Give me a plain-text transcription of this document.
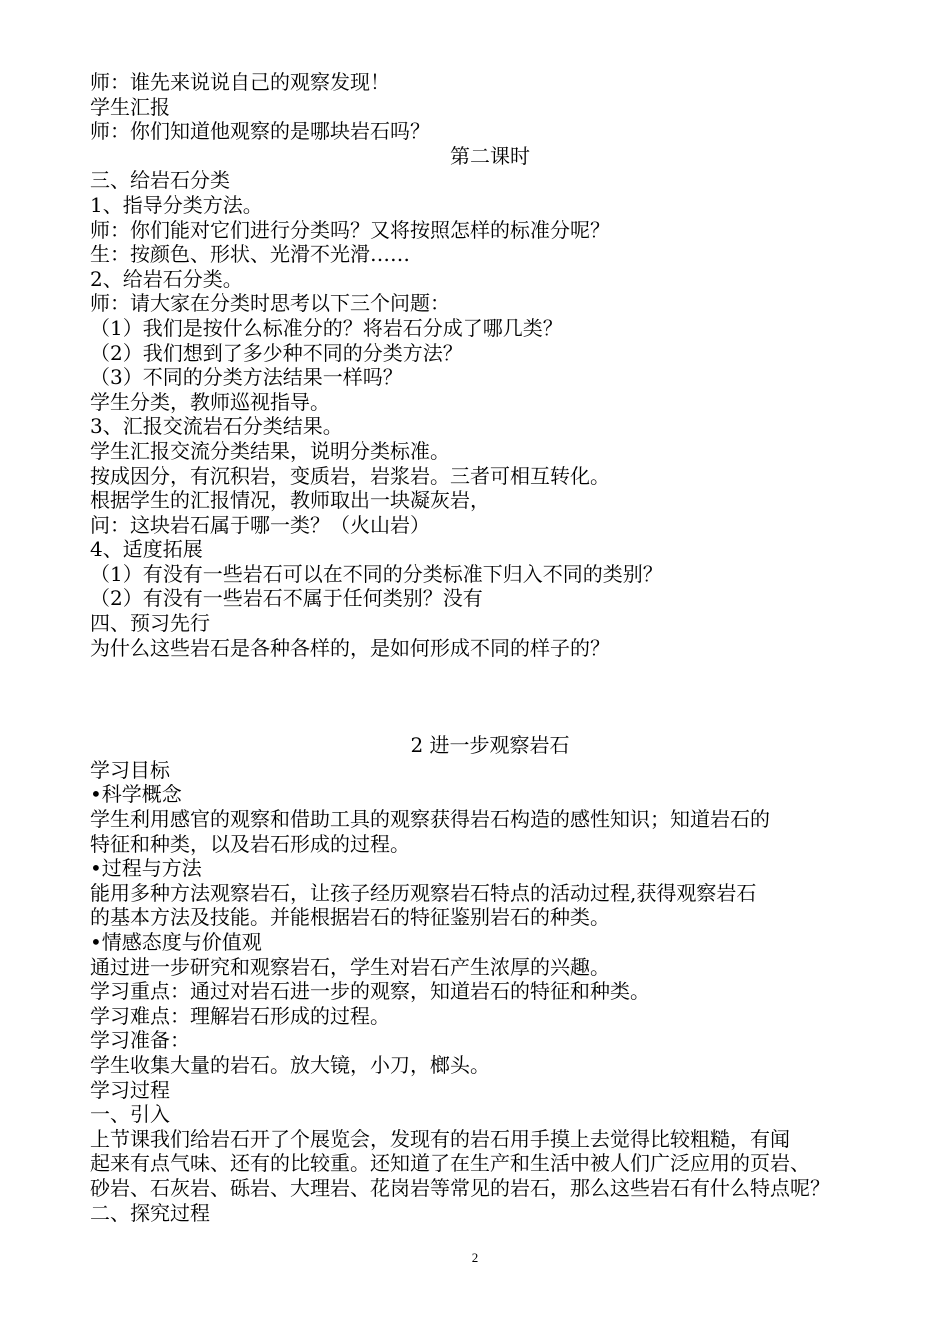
师：谁先来说说自己的观察发现！
学生汇报
师：你们知道他观察的是哪块岩石吗？
第二课时
三、给岩石分类
1、指导分类方法。
师：你们能对它们进行分类吗？又将按照怎样的标准分呢？
生：按颜色、形状、光滑不光滑……
2、给岩石分类。
师：请大家在分类时思考以下三个问题：
（1）我们是按什么标准分的？将岩石分成了哪几类？
（2）我们想到了多少种不同的分类方法？
（3）不同的分类方法结果一样吗？
学生分类，教师巡视指导。
3、汇报交流岩石分类结果。
学生汇报交流分类结果，说明分类标准。
按成因分，有沉积岩，变质岩，岩浆岩。三者可相互转化。
根据学生的汇报情况，教师取出一块凝灰岩，
问：这块岩石属于哪一类？（火山岩）
4、适度拓展
（1）有没有一些岩石可以在不同的分类标准下归入不同的类别？
（2）有没有一些岩石不属于任何类别？没有
四、预习先行
为什么这些岩石是各种各样的，是如何形成不同的样子的？
2 进一步观察岩石
学习目标
•科学概念
学生利用感官的观察和借助工具的观察获得岩石构造的感性知识；知道岩石的
特征和种类，以及岩石形成的过程。
•过程与方法
能用多种方法观察岩石，让孩子经历观察岩石特点的活动过程,获得观察岩石
的基本方法及技能。并能根据岩石的特征鉴别岩石的种类。
•情感态度与价值观
通过进一步研究和观察岩石，学生对岩石产生浓厚的兴趣。
学习重点：通过对岩石进一步的观察，知道岩石的特征和种类。
学习难点：理解岩石形成的过程。
学习准备：
学生收集大量的岩石。放大镜，小刀，榔头。
学习过程
一、引入
上节课我们给岩石开了个展览会，发现有的岩石用手摸上去觉得比较粗糙，有闻
起来有点气味、还有的比较重。还知道了在生产和生活中被人们广泛应用的页岩、
砂岩、石灰岩、砾岩、大理岩、花岗岩等常见的岩石，那么这些岩石有什么特点呢？
二、探究过程
2
